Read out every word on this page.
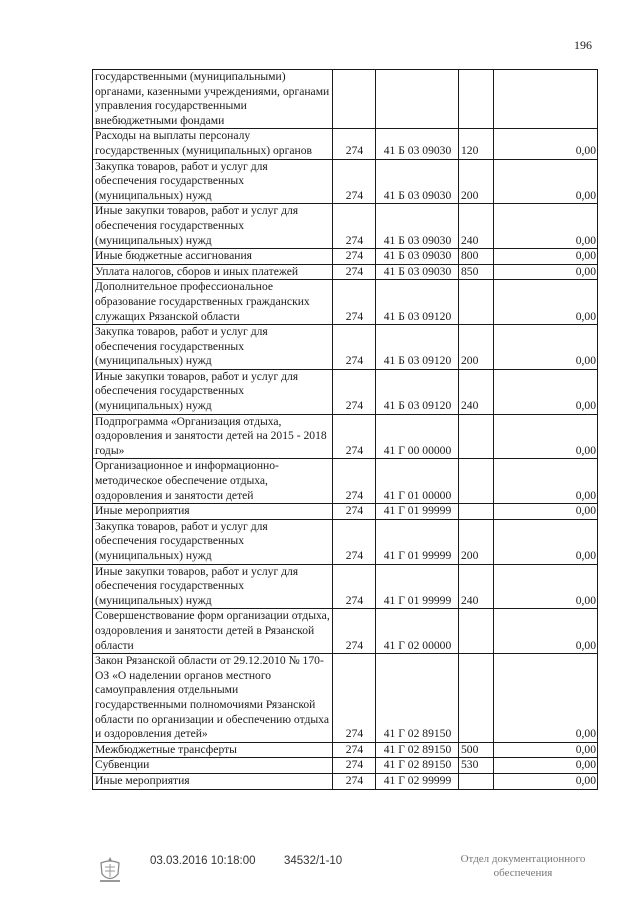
196
государственными (муниципальными) органами, казенными учреждениями, органами управления государственными внебюджетными фондами				
Расходы на выплаты персоналу государственных (муниципальных) органов	274	41 Б 03 09030	120	0,00
Закупка товаров, работ и услуг для обеспечения государственных (муниципальных) нужд	274	41 Б 03 09030	200	0,00
Иные закупки товаров, работ и услуг для обеспечения государственных (муниципальных) нужд	274	41 Б 03 09030	240	0,00
Иные бюджетные ассигнования	274	41 Б 03 09030	800	0,00
Уплата налогов, сборов и иных платежей	274	41 Б 03 09030	850	0,00
Дополнительное профессиональное образование государственных гражданских служащих Рязанской области	274	41 Б 03 09120		0,00
Закупка товаров, работ и услуг для обеспечения государственных (муниципальных) нужд	274	41 Б 03 09120	200	0,00
Иные закупки товаров, работ и услуг для обеспечения государственных (муниципальных) нужд	274	41 Б 03 09120	240	0,00
Подпрограмма «Организация отдыха, оздоровления и занятости детей на 2015 - 2018 годы»	274	41 Г 00 00000		0,00
Организационное и информационно-методическое обеспечение отдыха, оздоровления и занятости детей	274	41 Г 01 00000		0,00
Иные мероприятия	274	41 Г 01 99999		0,00
Закупка товаров, работ и услуг для обеспечения государственных (муниципальных) нужд	274	41 Г 01 99999	200	0,00
Иные закупки товаров, работ и услуг для обеспечения государственных (муниципальных) нужд	274	41 Г 01 99999	240	0,00
Совершенствование форм организации отдыха, оздоровления и занятости детей в Рязанской области	274	41 Г 02 00000		0,00
Закон Рязанской области от 29.12.2010 № 170-ОЗ «О наделении органов местного самоуправления отдельными государственными полномочиями Рязанской области по организации и обеспечению отдыха и оздоровления детей»	274	41 Г 02 89150		0,00
Межбюджетные трансферты	274	41 Г 02 89150	500	0,00
Субвенции	274	41 Г 02 89150	530	0,00
Иные мероприятия	274	41 Г 02 99999		0,00
03.03.2016 10:18:00 34532/1-10	Отдел документационного
обеспечения
